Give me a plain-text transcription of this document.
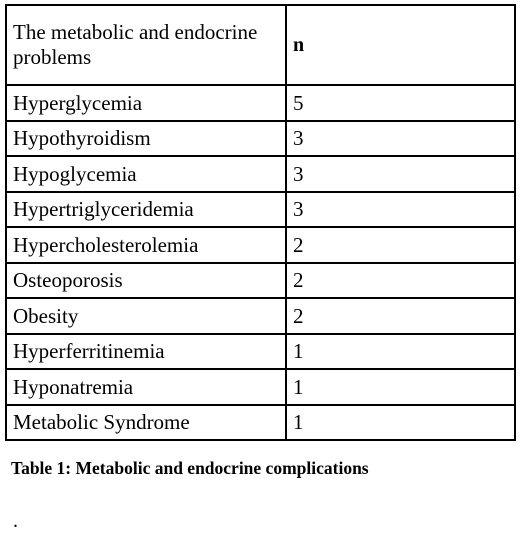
The metabolic and endocrine problems	n
Hyperglycemia	5
Hypothyroidism	3
Hypoglycemia	3
Hypertriglyceridemia	3
Hypercholesterolemia	2
Osteoporosis	2
Obesity	2
Hyperferritinemia	1
Hyponatremia	1
Metabolic Syndrome	1
Table 1: Metabolic and endocrine complications
.
